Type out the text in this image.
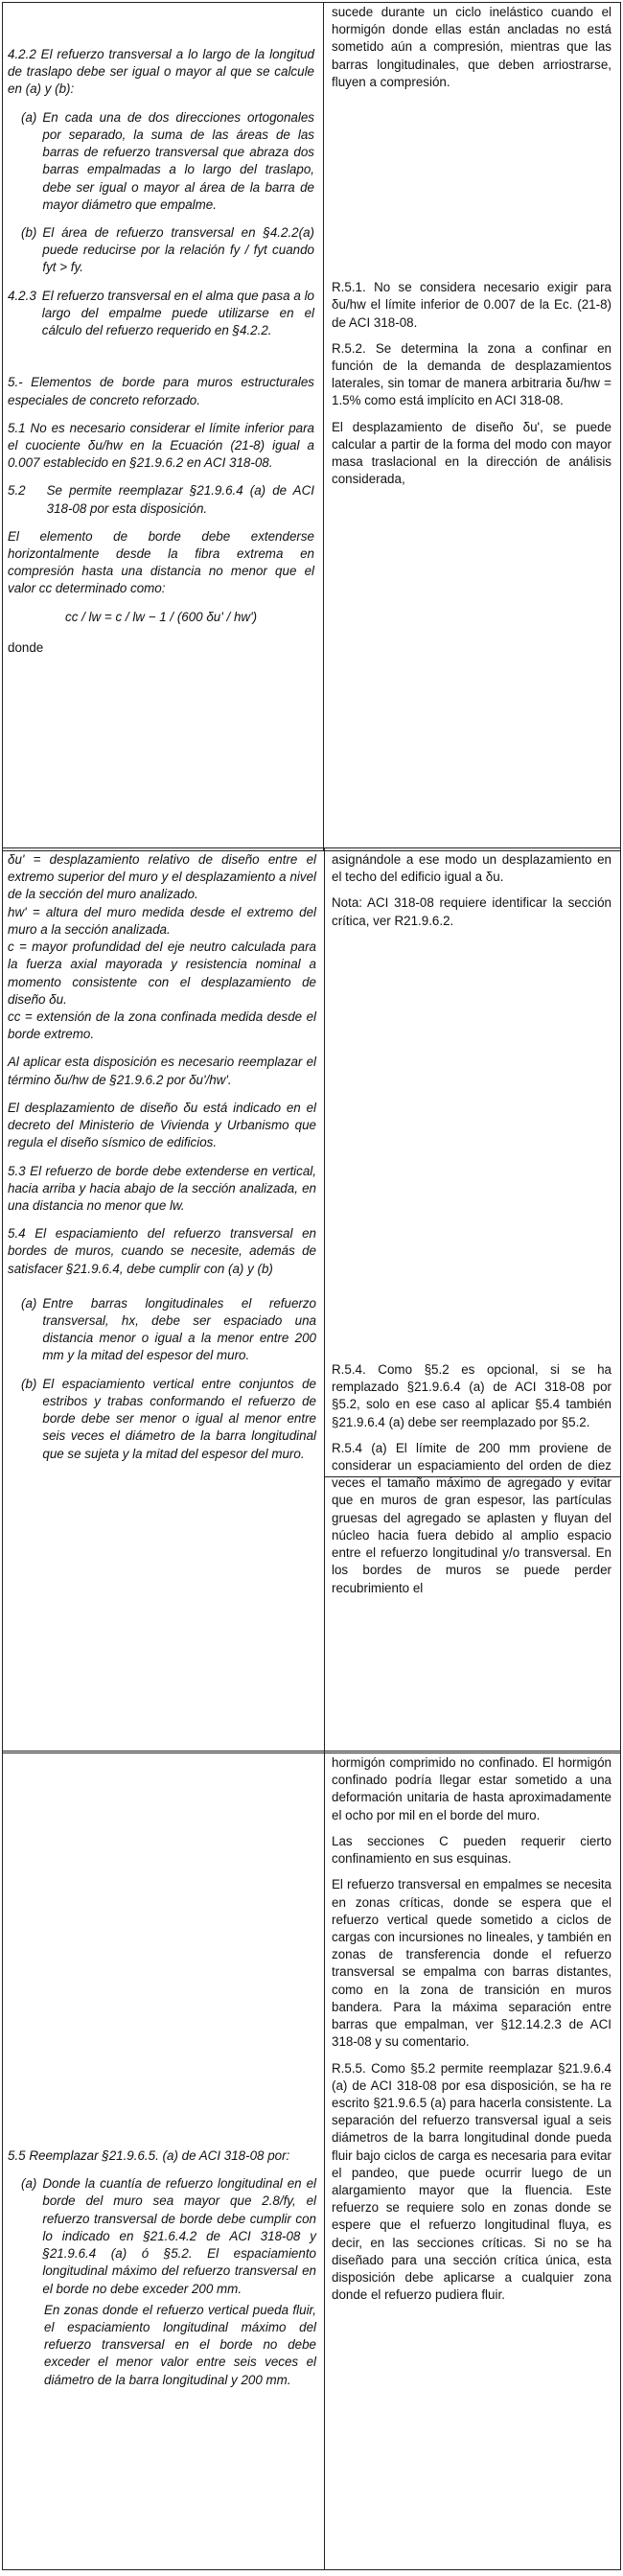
4.2.2 El refuerzo transversal a lo largo de la longitud de traslapo debe ser igual o mayor al que se calcule en (a) y (b):

(a) En cada una de dos direcciones ortogonales por separado, la suma de las áreas de las barras de refuerzo transversal que abraza dos barras empalmadas a lo largo del traslapo, debe ser igual o mayor al área de la barra de mayor diámetro que empalme.
(b) El área de refuerzo transversal en §4.2.2(a) puede reducirse por la relación fy / fyt cuando fyt > fy.
4.2.3 El refuerzo transversal en el alma que pasa a lo largo del empalme puede utilizarse en el cálculo del refuerzo requerido en §4.2.2.

5.- Elementos de borde para muros estructurales especiales de concreto reforzado.

5.1 No es necesario considerar el límite inferior para el cuociente δu/hw en la Ecuación (21-8) igual a 0.007 establecido en §21.9.6.2 en ACI 318-08.

5.2 Se permite reemplazar §21.9.6.4 (a) de ACI 318-08 por esta disposición.

El elemento de borde debe extenderse horizontalmente desde la fibra extrema en compresión hasta una distancia no menor que el valor cc determinado como:

cc / lw = c / lw − 1 / (600 δu' / hw')

donde

sucede durante un ciclo inelástico cuando el hormigón donde ellas están ancladas no está sometido aún a compresión, mientras que las barras longitudinales, que deben arriostrarse, fluyen a compresión.

R.5.1. No se considera necesario exigir para δu/hw el límite inferior de 0.007 de la Ec. (21-8) de ACI 318-08.

R.5.2. Se determina la zona a confinar en función de la demanda de desplazamientos laterales, sin tomar de manera arbitraria δu/hw = 1.5% como está implícito en ACI 318-08.

El desplazamiento de diseño δu', se puede calcular a partir de la forma del modo con mayor masa traslacional en la dirección de análisis considerada,

δu' = desplazamiento relativo de diseño entre el extremo superior del muro y el desplazamiento a nivel de la sección del muro analizado.

hw' = altura del muro medida desde el extremo del muro a la sección analizada.

c = mayor profundidad del eje neutro calculada para la fuerza axial mayorada y resistencia nominal a momento consistente con el desplazamiento de diseño δu.

cc = extensión de la zona confinada medida desde el borde extremo.

Al aplicar esta disposición es necesario reemplazar el término δu/hw de §21.9.6.2 por δu'/hw'.

El desplazamiento de diseño δu está indicado en el decreto del Ministerio de Vivienda y Urbanismo que regula el diseño sísmico de edificios.

5.3 El refuerzo de borde debe extenderse en vertical, hacia arriba y hacia abajo de la sección analizada, en una distancia no menor que lw.

5.4 El espaciamiento del refuerzo transversal en bordes de muros, cuando se necesite, además de satisfacer §21.9.6.4, debe cumplir con (a) y (b)

(a) Entre barras longitudinales el refuerzo transversal, hx, debe ser espaciado una distancia menor o igual a la menor entre 200 mm y la mitad del espesor del muro.
(b) El espaciamiento vertical entre conjuntos de estribos y trabas conformando el refuerzo de borde debe ser menor o igual al menor entre seis veces el diámetro de la barra longitudinal que se sujeta y la mitad del espesor del muro.

asignándole a ese modo un desplazamiento en el techo del edificio igual a δu.

Nota: ACI 318-08 requiere identificar la sección crítica, ver R21.9.6.2.

R.5.4. Como §5.2 es opcional, si se ha remplazado §21.9.6.4 (a) de ACI 318-08 por §5.2, solo en ese caso al aplicar §5.4 también §21.9.6.4 (a) debe ser reemplazado por §5.2.

R.5.4 (a) El límite de 200 mm proviene de considerar un espaciamiento del orden de diez veces el tamaño máximo de agregado y evitar que en muros de gran espesor, las partículas gruesas del agregado se aplasten y fluyan del núcleo hacia fuera debido al amplio espacio entre el refuerzo longitudinal y/o transversal. En los bordes de muros se puede perder recubrimiento el

5.5 Reemplazar §21.9.6.5. (a) de ACI 318-08 por:

(a) Donde la cuantía de refuerzo longitudinal en el borde del muro sea mayor que 2.8/fy, el refuerzo transversal de borde debe cumplir con lo indicado en §21.6.4.2 de ACI 318-08 y §21.9.6.4 (a) ó §5.2. El espaciamiento longitudinal máximo del refuerzo transversal en el borde no debe exceder 200 mm.

En zonas donde el refuerzo vertical pueda fluir, el espaciamiento longitudinal máximo del refuerzo transversal en el borde no debe exceder el menor valor entre seis veces el diámetro de la barra longitudinal y 200 mm.

hormigón comprimido no confinado. El hormigón confinado podría llegar estar sometido a una deformación unitaria de hasta aproximadamente el ocho por mil en el borde del muro.

Las secciones C pueden requerir cierto confinamiento en sus esquinas.

El refuerzo transversal en empalmes se necesita en zonas críticas, donde se espera que el refuerzo vertical quede sometido a ciclos de cargas con incursiones no lineales, y también en zonas de transferencia donde el refuerzo transversal se empalma con barras distantes, como en la zona de transición en muros bandera. Para la máxima separación entre barras que empalman, ver §12.14.2.3 de ACI 318-08 y su comentario.

R.5.5. Como §5.2 permite reemplazar §21.9.6.4 (a) de ACI 318-08 por esa disposición, se ha re escrito §21.9.6.5 (a) para hacerla consistente. La separación del refuerzo transversal igual a seis diámetros de la barra longitudinal donde pueda fluir bajo ciclos de carga es necesaria para evitar el pandeo, que puede ocurrir luego de un alargamiento mayor que la fluencia. Este refuerzo se requiere solo en zonas donde se espere que el refuerzo longitudinal fluya, es decir, en las secciones críticas. Si no se ha diseñado para una sección crítica única, esta disposición debe aplicarse a cualquier zona donde el refuerzo pudiera fluir.
